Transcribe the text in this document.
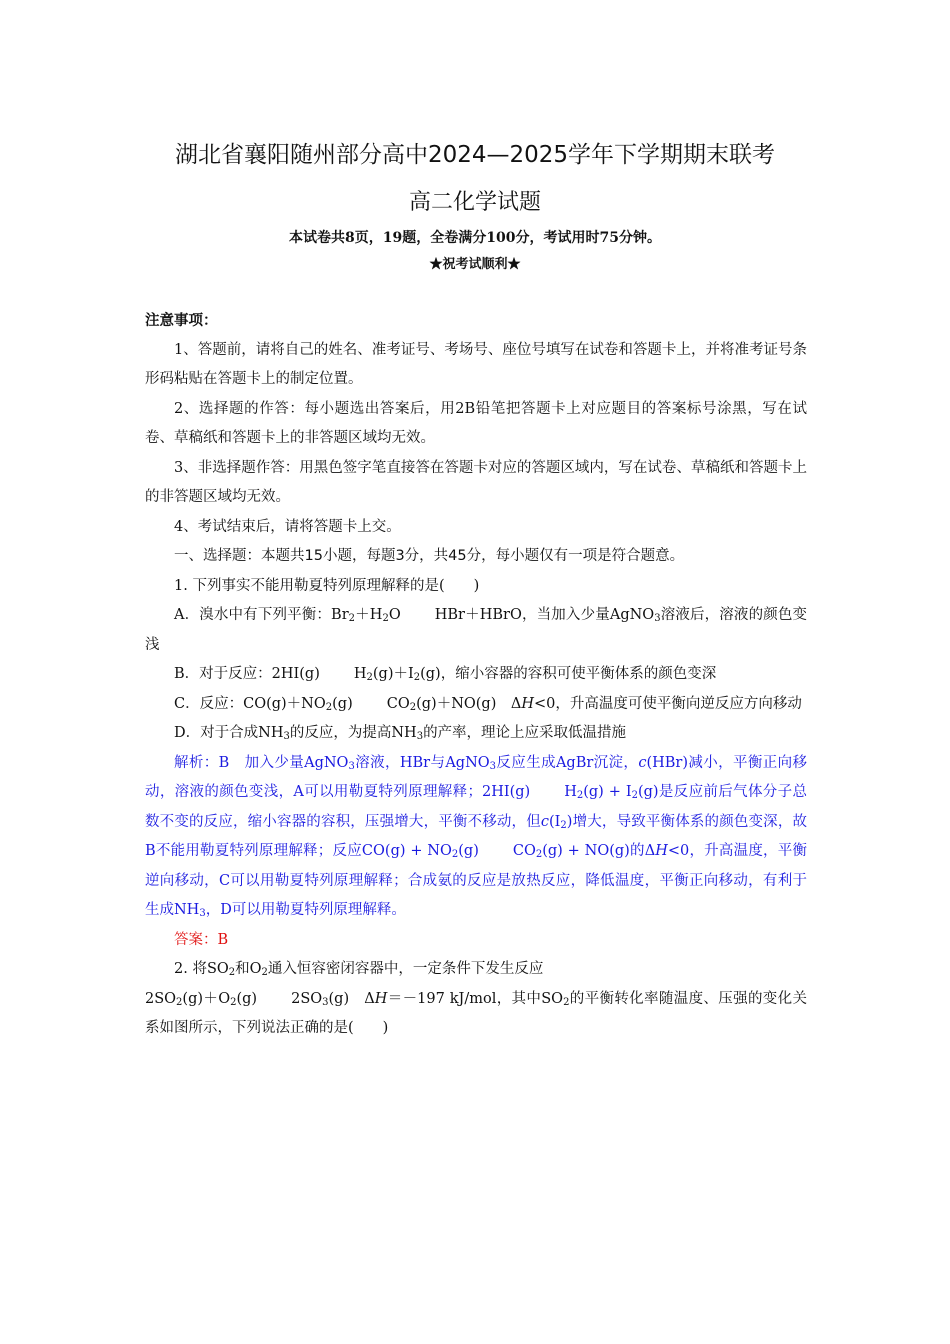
湖北省襄阳随州部分高中2024—2025学年下学期期末联考
高二化学试题
本试卷共8页，19题，全卷满分100分，考试用时75分钟。
★祝考试顺利★

注意事项：

1、答题前，请将自己的姓名、准考证号、考场号、座位号填写在试卷和答题卡上，并将准考证号条形码粘贴在答题卡上的制定位置。

2、选择题的作答：每小题选出答案后，用2B铅笔把答题卡上对应题目的答案标号涂黑，写在试卷、草稿纸和答题卡上的非答题区域均无效。

3、非选择题作答：用黑色签字笔直接答在答题卡对应的答题区域内，写在试卷、草稿纸和答题卡上的非答题区域均无效。

4、考试结束后，请将答题卡上交。

一、选择题：本题共15小题，每题3分，共45分，每小题仅有一项是符合题意。

1. 下列事实不能用勒夏特列原理解释的是(　　)

A．溴水中有下列平衡：$Br_2+H_2O$ HBr＋HBrO，当加入少量AgNO$_3$溶液后，溶液的颜色变浅

B．对于反应：2HI(g) $H_2(g)+I_2(g)$，缩小容器的容积可使平衡体系的颜色变深

C．反应：$CO(g)+NO_2(g)$ $CO_2(g)+NO(g)$　ΔH<0，升高温度可使平衡向逆反应方向移动

D．对于合成$NH_3$的反应，为提高$NH_3$的产率，理论上应采取低温措施

解析：B　加入少量AgNO$_3$溶液，HBr与AgNO$_3$反应生成AgBr沉淀，c(HBr)减小，平衡正向移动，溶液的颜色变浅，A可以用勒夏特列原理解释；2HI(g) $H_2(g) + I_2(g)$是反应前后气体分子总数不变的反应，缩小容器的容积，压强增大，平衡不移动，但$c(I_2)$增大，导致平衡体系的颜色变深，故B不能用勒夏特列原理解释；反应$CO(g) + NO_2(g) CO_2(g) + NO(g)$的ΔH<0，升高温度，平衡逆向移动，C可以用勒夏特列原理解释；合成氨的反应是放热反应，降低温度，平衡正向移动，有利于生成$NH_3$，D可以用勒夏特列原理解释。

答案：B

2. 将$SO_2$和$O_2$通入恒容密闭容器中，一定条件下发生反应

$2SO_2(g)+O_2(g)$ $2SO_3(g)$　ΔH＝－197 kJ/mol，其中$SO_2$的平衡转化率随温度、压强的变化关系如图所示，下列说法正确的是(　　)
